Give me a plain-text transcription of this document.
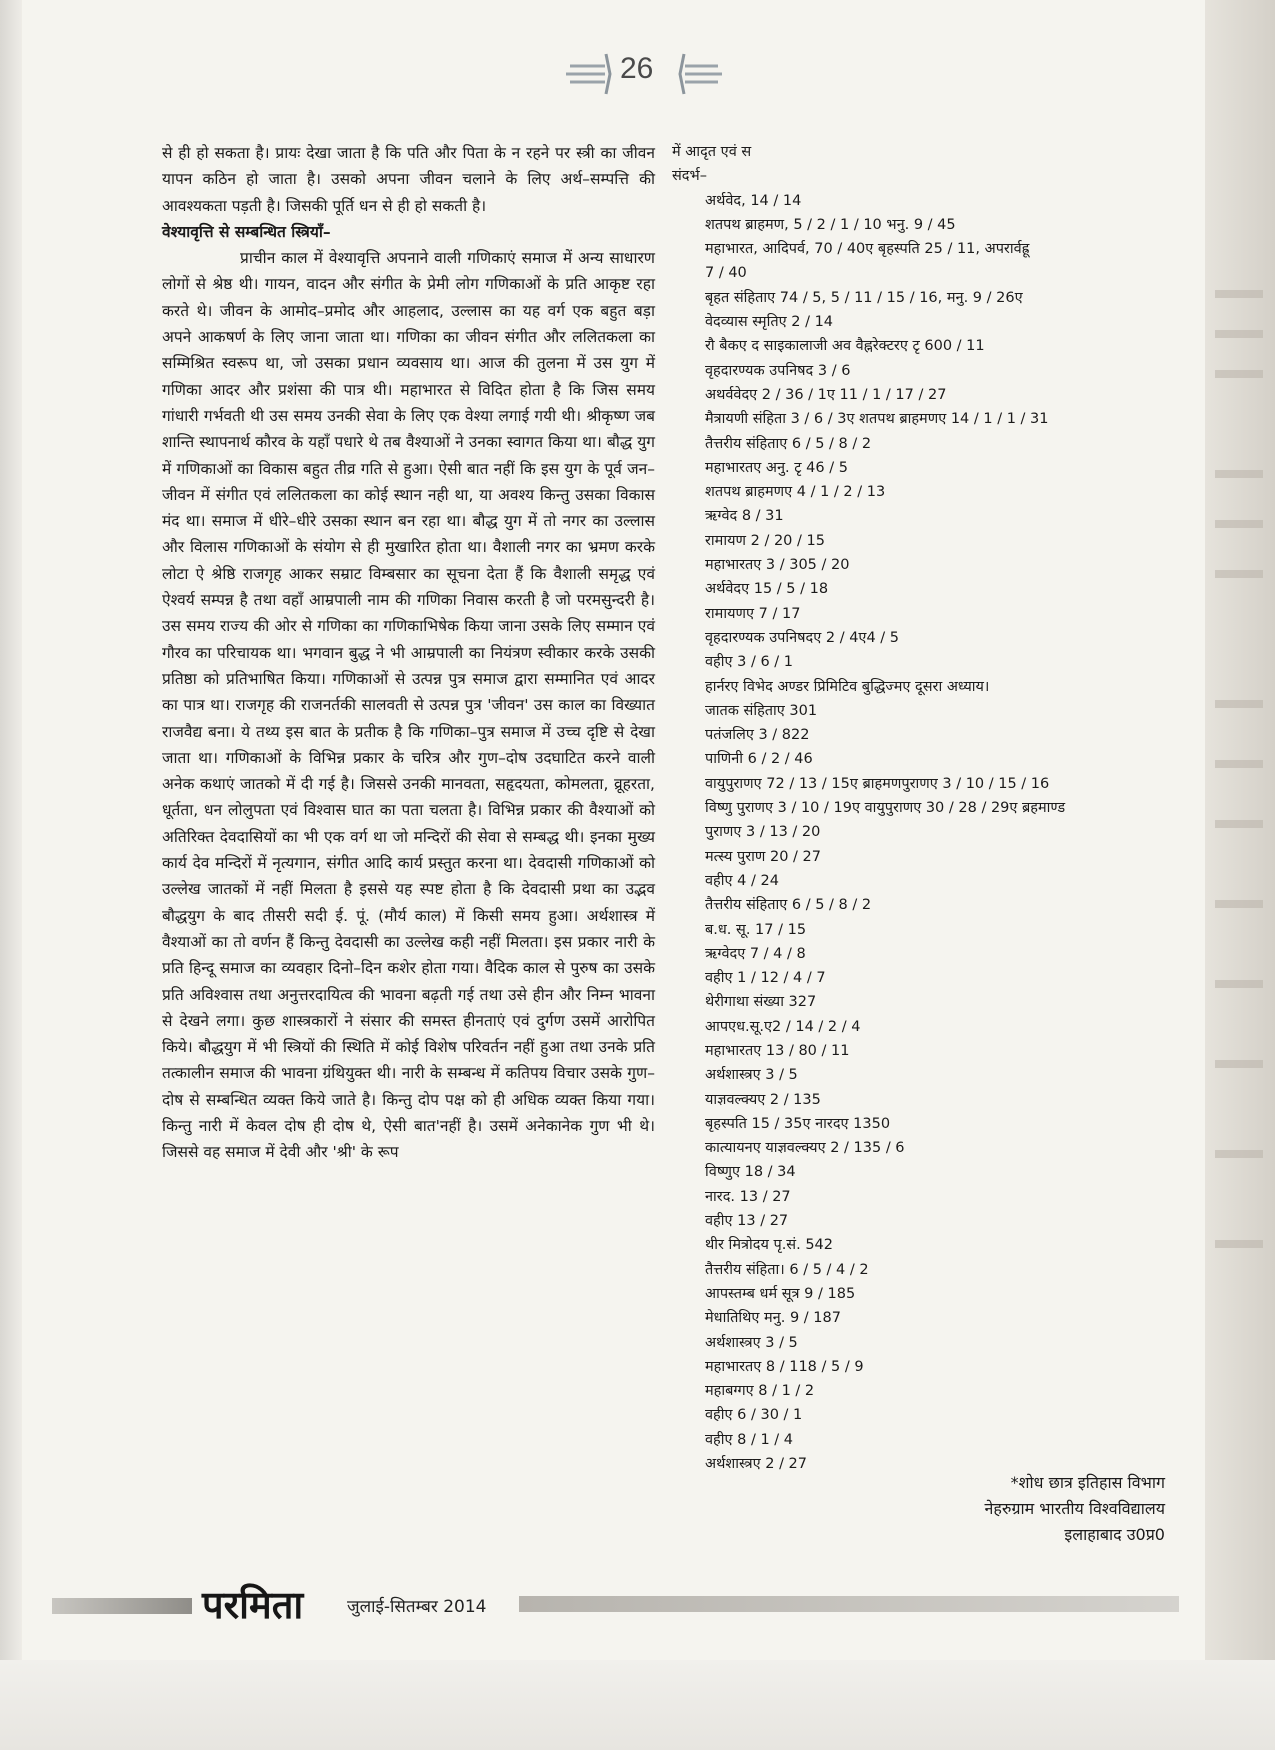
26

से ही हो सकता है। प्रायः देखा जाता है कि पति और पिता के न रहने पर स्त्री का जीवन यापन कठिन हो जाता है। उसको अपना जीवन चलाने के लिए अर्थ–सम्पत्ति की आवश्यकता पड़ती है। जिसकी पूर्ति धन से ही हो सकती है।

वेश्यावृत्ति से सम्बन्धित स्त्रियाँ–

प्राचीन काल में वेश्यावृत्ति अपनाने वाली गणिकाएं समाज में अन्य साधारण लोगों से श्रेष्ठ थी। गायन, वादन और संगीत के प्रेमी लोग गणिकाओं के प्रति आकृष्ट रहा करते थे। जीवन के आमोद–प्रमोद और आहलाद, उल्लास का यह वर्ग एक बहुत बड़ा अपने आकषर्ण के लिए जाना जाता था। गणिका का जीवन संगीत और ललितकला का सम्मिश्रित स्वरूप था, जो उसका प्रधान व्यवसाय था। आज की तुलना में उस युग में गणिका आदर और प्रशंसा की पात्र थी। महाभारत से विदित होता है कि जिस समय गांधारी गर्भवती थी उस समय उनकी सेवा के लिए एक वेश्या लगाई गयी थी। श्रीकृष्ण जब शान्ति स्थापनार्थ कौरव के यहाँ पधारे थे तब वैश्याओं ने उनका स्वागत किया था। बौद्ध युग में गणिकाओं का विकास बहुत तीव्र गति से हुआ। ऐसी बात नहीं कि इस युग के पूर्व जन–जीवन में संगीत एवं ललितकला का कोई स्थान नही था, या अवश्य किन्तु उसका विकास मंद था। समाज में धीरे–धीरे उसका स्थान बन रहा था। बौद्ध युग में तो नगर का उल्लास और विलास गणिकाओं के संयोग से ही मुखारित होता था। वैशाली नगर का भ्रमण करके लोटा ऐ श्रेष्ठि राजगृह आकर सम्राट विम्बसार का सूचना देता हैं कि वैशाली समृद्ध एवं ऐश्वर्य सम्पन्न है तथा वहाँ आम्रपाली नाम की गणिका निवास करती है जो परमसुन्दरी है। उस समय राज्य की ओर से गणिका का गणिकाभिषेक किया जाना उसके लिए सम्मान एवं गौरव का परिचायक था। भगवान बुद्ध ने भी आम्रपाली का नियंत्रण स्वीकार करके उसकी प्रतिष्ठा को प्रतिभाषित किया। गणिकाओं से उत्पन्न पुत्र समाज द्वारा सम्मानित एवं आदर का पात्र था। राजगृह की राजनर्तकी सालवती से उत्पन्न पुत्र 'जीवन' उस काल का विख्यात राजवैद्य बना। ये तथ्य इस बात के प्रतीक है कि गणिका–पुत्र समाज में उच्च दृष्टि से देखा जाता था। गणिकाओं के विभिन्न प्रकार के चरित्र और गुण–दोष उदघाटित करने वाली अनेक कथाएं जातको में दी गई है। जिससे उनकी मानवता, सहृदयता, कोमलता, व्रूहरता, धूर्तता, धन लोलुपता एवं विश्वास घात का पता चलता है। विभिन्न प्रकार की वैश्याओं को अतिरिक्त देवदासियों का भी एक वर्ग था जो मन्दिरों की सेवा से सम्बद्ध थी। इनका मुख्य कार्य देव मन्दिरों में नृत्यगान, संगीत आदि कार्य प्रस्तुत करना था। देवदासी गणिकाओं को उल्लेख जातकों में नहीं मिलता है इससे यह स्पष्ट होता है कि देवदासी प्रथा का उद्भव बौद्धयुग के बाद तीसरी सदी ई. पूं. (मौर्य काल) में किसी समय हुआ। अर्थशास्त्र में वैश्याओं का तो वर्णन हैं किन्तु देवदासी का उल्लेख कही नहीं मिलता। इस प्रकार नारी के प्रति हिन्दू समाज का व्यवहार दिनो–दिन कशेर होता गया। वैदिक काल से पुरुष का उसके प्रति अविश्वास तथा अनुत्तरदायित्व की भावना बढ़ती गई तथा उसे हीन और निम्न भावना से देखने लगा। कुछ शास्त्रकारों ने संसार की समस्त हीनताएं एवं दुर्गण उसमें आरोपित किये। बौद्धयुग में भी स्त्रियों की स्थिति में कोई विशेष परिवर्तन नहीं हुआ तथा उनके प्रति तत्कालीन समाज की भावना ग्रंथियुक्त थी। नारी के सम्बन्ध में कतिपय विचार उसके गुण–दोष से सम्बन्धित व्यक्त किये जाते है। किन्तु दोप पक्ष को ही अधिक व्यक्त किया गया। किन्तु नारी में केवल दोष ही दोष थे, ऐसी बात'नहीं है। उसमें अनेकानेक गुण भी थे। जिससे वह समाज में देवी और 'श्री' के रूप

में आदृत एवं स

संदर्भ–

अर्थवेद, 14 / 14
शतपथ ब्राहमण, 5 / 2 / 1 / 10 भनु. 9 / 45
महाभारत, आदिपर्व, 70 / 40ए बृहस्पति 25 / 11, अपरार्वह्रू
7 / 40
बृहत संहिताए 74 / 5, 5 / 11 / 15 / 16, मनु. 9 / 26ए
वेदव्यास स्मृतिए 2 / 14
रौ बैकए द साइकालाजी अव वैह्नरेक्टरए टृ 600 / 11
वृहदारण्यक उपनिषद 3 / 6
अथर्ववेदए 2 / 36 / 1ए 11 / 1 / 17 / 27
मैत्रायणी संहिता 3 / 6 / 3ए शतपथ ब्राहमणए 14 / 1 / 1 / 31
तैत्तरीय संहिताए 6 / 5 / 8 / 2
महाभारतए अनु. टृ 46 / 5
शतपथ ब्राहमणए 4 / 1 / 2 / 13
ऋग्वेद 8 / 31
रामायण 2 / 20 / 15
महाभारतए 3 / 305 / 20
अर्थवेदए 15 / 5 / 18
रामायणए 7 / 17
वृहदारण्यक उपनिषदए 2 / 4ए4 / 5
वहीए 3 / 6 / 1
हार्नरए विभेद अण्डर प्रिमिटिव बुद्धिज्मए दूसरा अध्याय।
जातक संहिताए 301
पतंजलिए 3 / 822
पाणिनी 6 / 2 / 46
वायुपुराणए 72 / 13 / 15ए ब्राहमणपुराणए 3 / 10 / 15 / 16
विष्णु पुराणए 3 / 10 / 19ए वायुपुराणए 30 / 28 / 29ए ब्रहमाण्ड
पुराणए 3 / 13 / 20
मत्स्य पुराण 20 / 27
वहीए 4 / 24
तैत्तरीय संहिताए 6 / 5 / 8 / 2
ब.ध. सू. 17 / 15
ऋग्वेदए 7 / 4 / 8
वहीए 1 / 12 / 4 / 7
थेरीगाथा संख्या 327
आपएध.सू.ए2 / 14 / 2 / 4
महाभारतए 13 / 80 / 11
अर्थशास्त्रए 3 / 5
याज्ञवल्क्यए 2 / 135
बृहस्पति 15 / 35ए नारदए 1350
कात्यायनए याज्ञवल्क्यए 2 / 135 / 6
विष्णुए 18 / 34
नारद. 13 / 27
वहीए 13 / 27
थीर मित्रोदय पृ.सं. 542
तैत्तरीय संहिता। 6 / 5 / 4 / 2
आपस्तम्ब धर्म सूत्र 9 / 185
मेधातिथिए मनु. 9 / 187
अर्थशास्त्रए 3 / 5
महाभारतए 8 / 118 / 5 / 9
महाबग्गए 8 / 1 / 2
वहीए 6 / 30 / 1
वहीए 8 / 1 / 4
अर्थशास्त्रए 2 / 27
*शोध छात्र इतिहास विभाग
नेहरुग्राम भारतीय विश्वविद्यालय
इलाहाबाद उ0प्र0
परमिता	जुलाई-सितम्बर 2014
